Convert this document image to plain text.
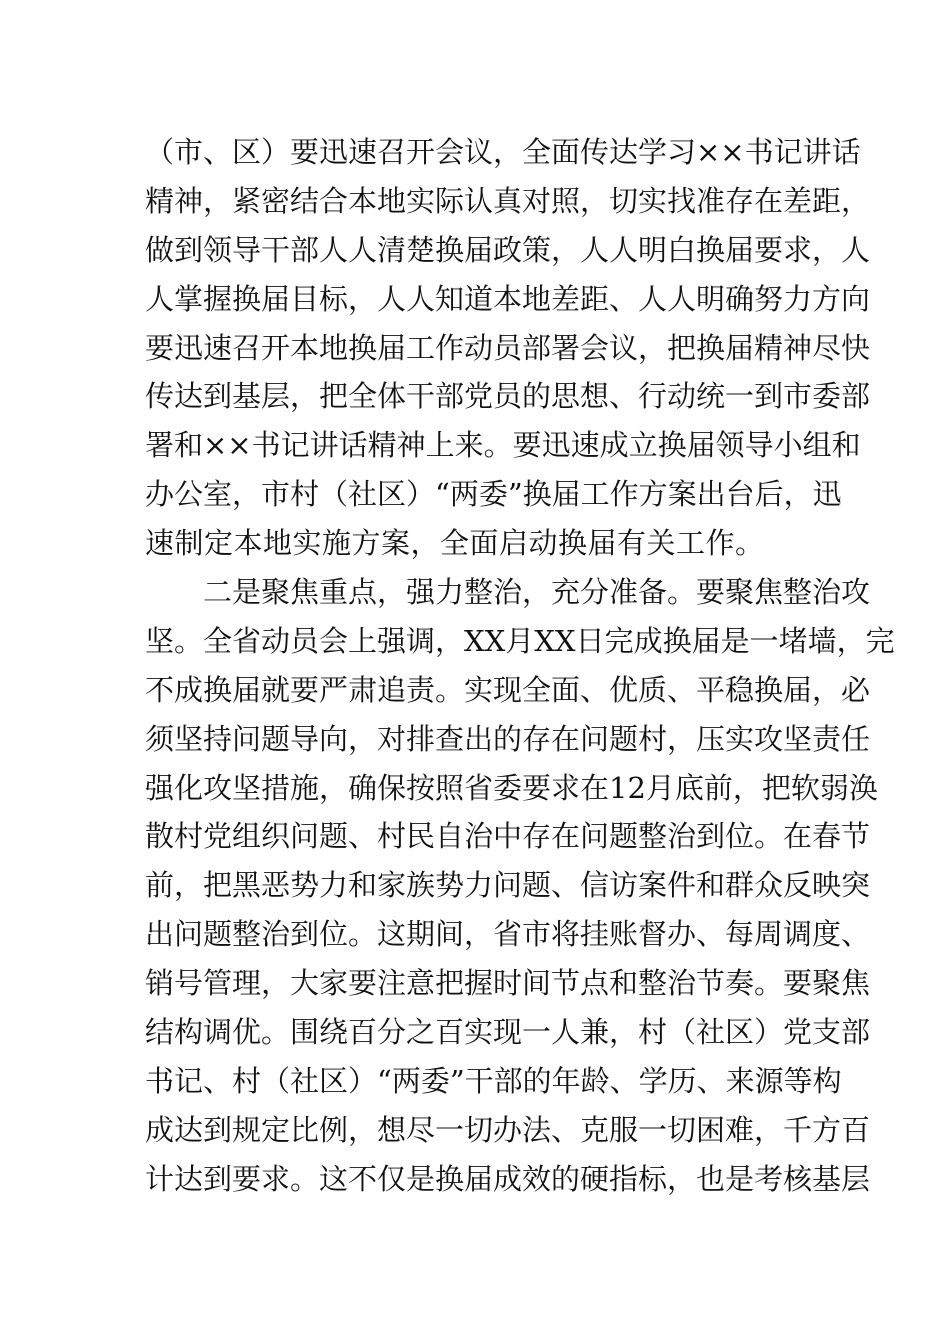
（市、区）要迅速召开会议，全面传达学习××书记讲话
精神，紧密结合本地实际认真对照，切实找准存在差距，
做到领导干部人人清楚换届政策，人人明白换届要求，人
人掌握换届目标，人人知道本地差距、人人明确努力方向
要迅速召开本地换届工作动员部署会议，把换届精神尽快
传达到基层，把全体干部党员的思想、行动统一到市委部
署和××书记讲话精神上来。要迅速成立换届领导小组和
办公室，市村（社区）“两委”换届工作方案出台后，迅
速制定本地实施方案，全面启动换届有关工作。
　　二是聚焦重点，强力整治，充分准备。要聚焦整治攻
坚。全省动员会上强调，XX月XX日完成换届是一堵墙，完
不成换届就要严肃追责。实现全面、优质、平稳换届，必
须坚持问题导向，对排查出的存在问题村，压实攻坚责任
强化攻坚措施，确保按照省委要求在12月底前，把软弱涣
散村党组织问题、村民自治中存在问题整治到位。在春节
前，把黑恶势力和家族势力问题、信访案件和群众反映突
出问题整治到位。这期间，省市将挂账督办、每周调度、
销号管理，大家要注意把握时间节点和整治节奏。要聚焦
结构调优。围绕百分之百实现一人兼，村（社区）党支部
书记、村（社区）“两委”干部的年龄、学历、来源等构
成达到规定比例，想尽一切办法、克服一切困难，千方百
计达到要求。这不仅是换届成效的硬指标，也是考核基层
